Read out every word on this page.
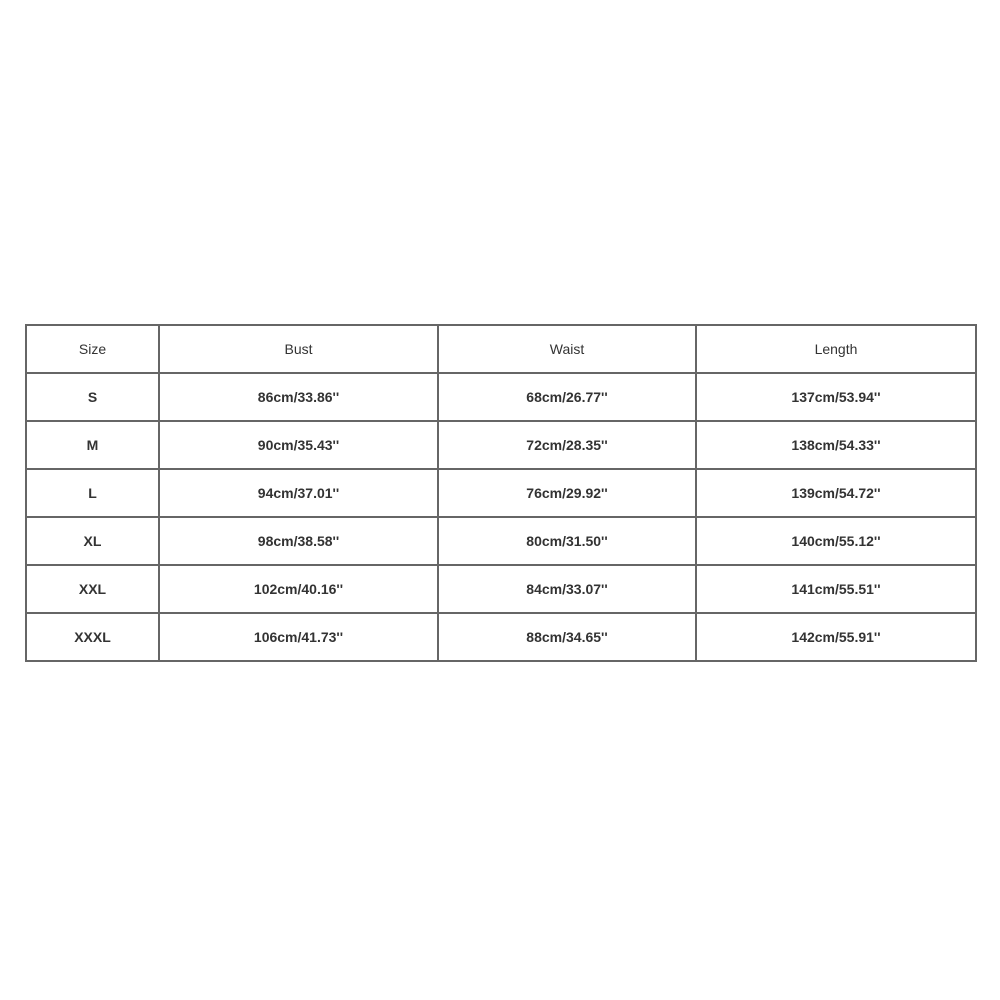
Size	Bust	Waist	Length
S	86cm/33.86''	68cm/26.77''	137cm/53.94''
M	90cm/35.43''	72cm/28.35''	138cm/54.33''
L	94cm/37.01''	76cm/29.92''	139cm/54.72''
XL	98cm/38.58''	80cm/31.50''	140cm/55.12''
XXL	102cm/40.16''	84cm/33.07''	141cm/55.51''
XXXL	106cm/41.73''	88cm/34.65''	142cm/55.91''
